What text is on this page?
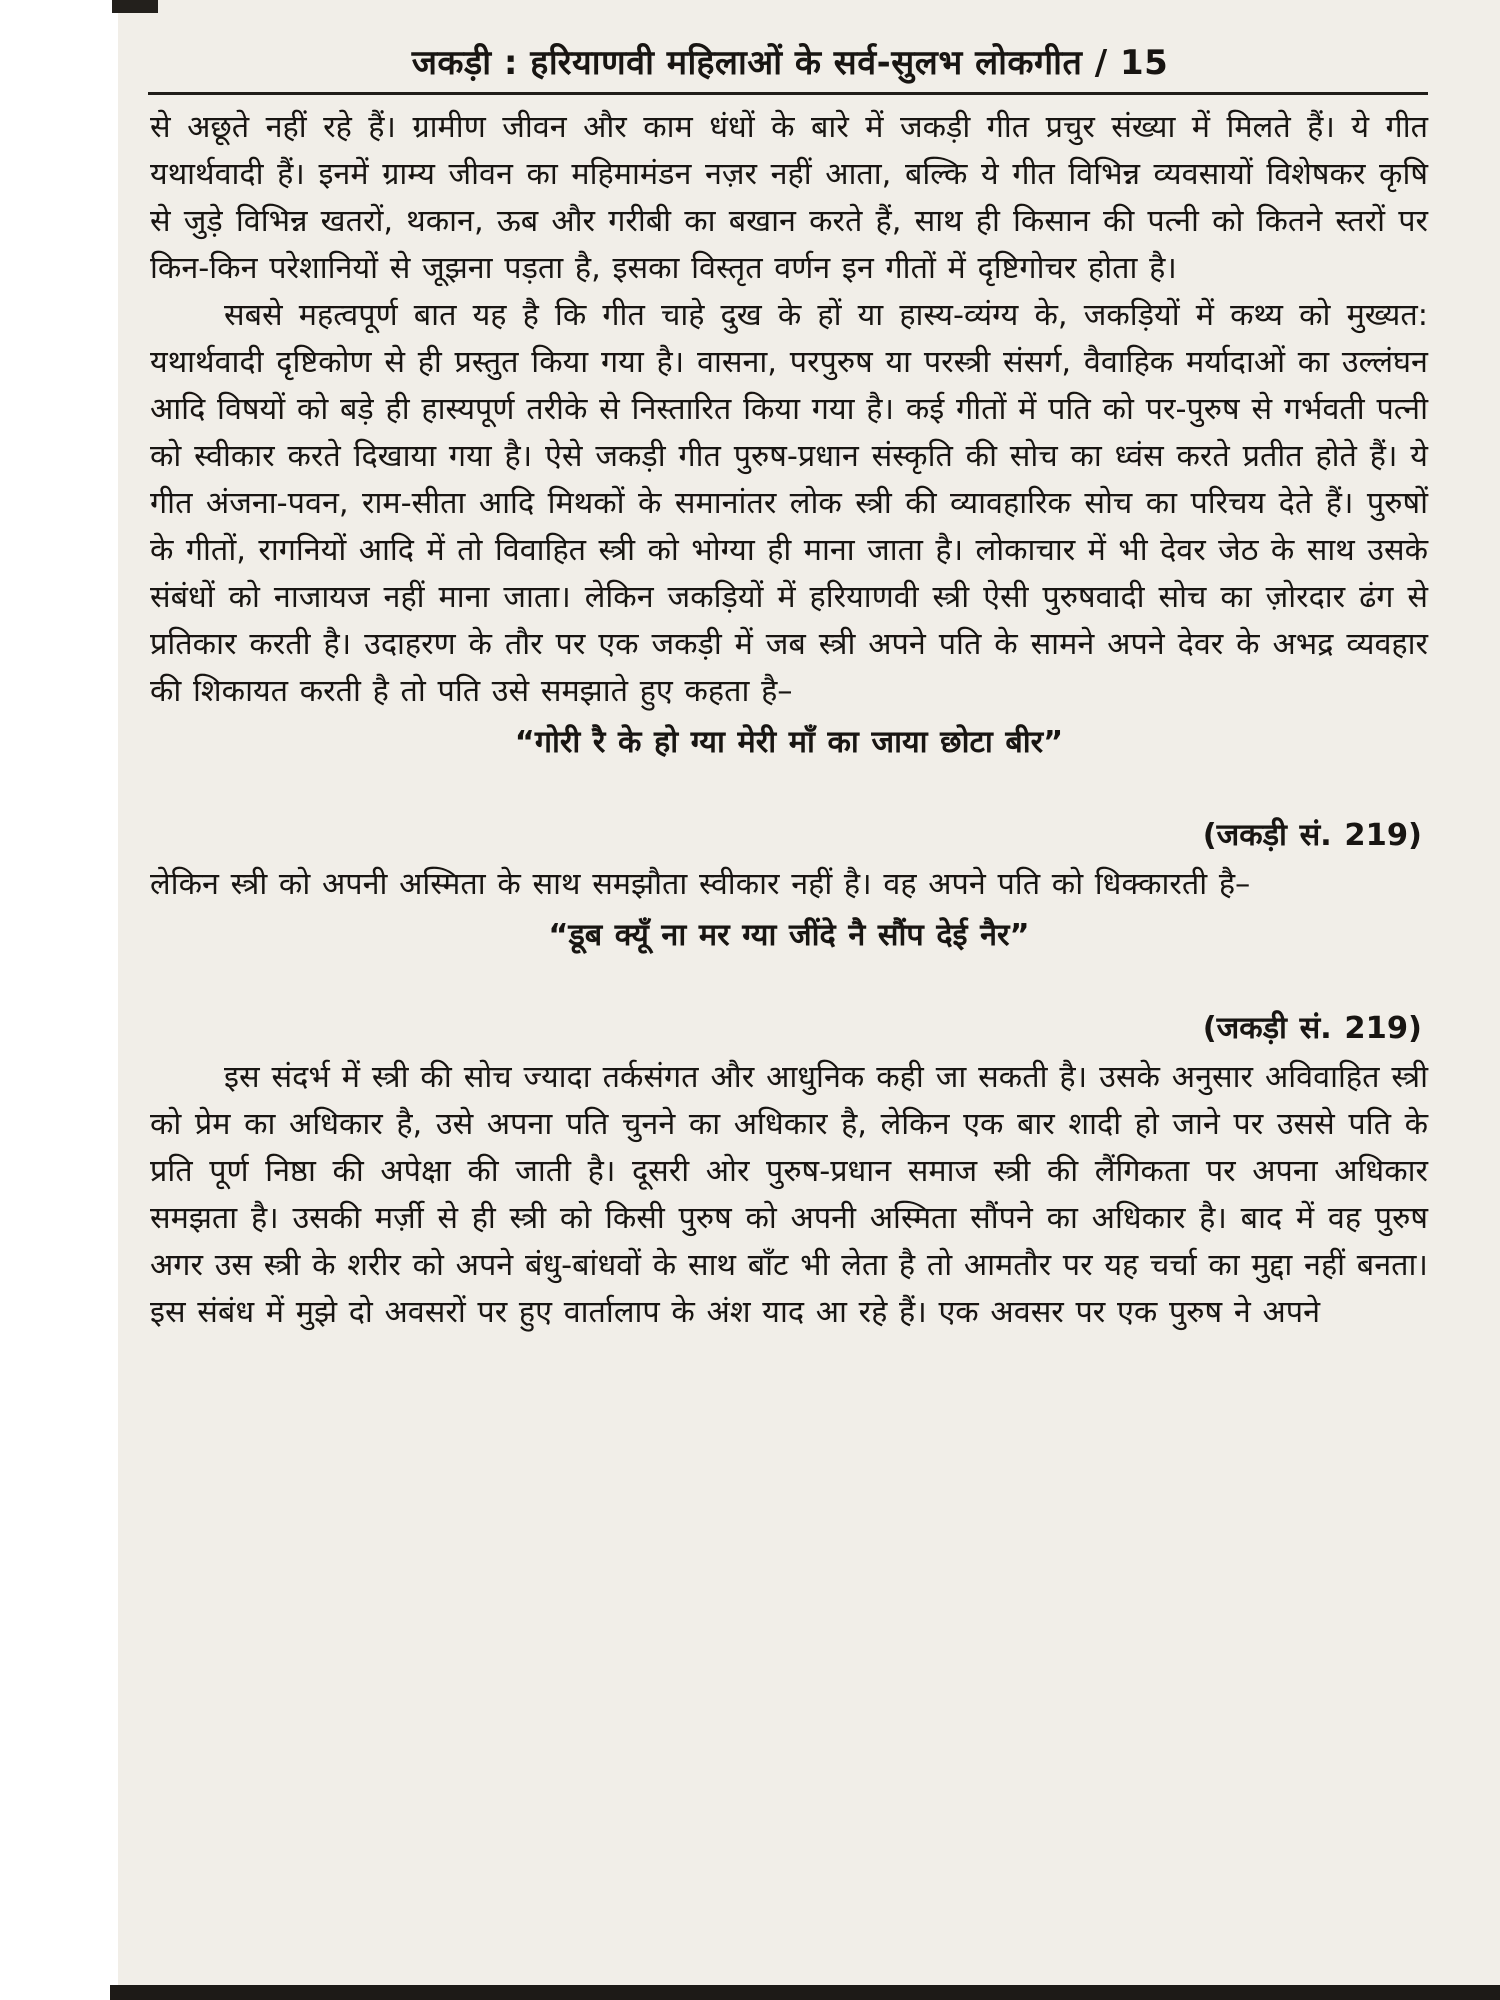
जकड़ी : हरियाणवी महिलाओं के सर्व-सुलभ लोकगीत / 15
से अछूते नहीं रहे हैं। ग्रामीण जीवन और काम धंधों के बारे में जकड़ी गीत प्रचुर संख्या में मिलते हैं। ये गीत यथार्थवादी हैं। इनमें ग्राम्य जीवन का महिमामंडन नज़र नहीं आता, बल्कि ये गीत विभिन्न व्यवसायों विशेषकर कृषि से जुड़े विभिन्न खतरों, थकान, ऊब और गरीबी का बखान करते हैं, साथ ही किसान की पत्नी को कितने स्तरों पर किन-किन परेशानियों से जूझना पड़ता है, इसका विस्तृत वर्णन इन गीतों में दृष्टिगोचर होता है।
सबसे महत्वपूर्ण बात यह है कि गीत चाहे दुख के हों या हास्य-व्यंग्य के, जकड़ियों में कथ्य को मुख्यत: यथार्थवादी दृष्टिकोण से ही प्रस्तुत किया गया है। वासना, परपुरुष या परस्त्री संसर्ग, वैवाहिक मर्यादाओं का उल्लंघन आदि विषयों को बड़े ही हास्यपूर्ण तरीके से निस्तारित किया गया है। कई गीतों में पति को पर-पुरुष से गर्भवती पत्नी को स्वीकार करते दिखाया गया है। ऐसे जकड़ी गीत पुरुष-प्रधान संस्कृति की सोच का ध्वंस करते प्रतीत होते हैं। ये गीत अंजना-पवन, राम-सीता आदि मिथकों के समानांतर लोक स्त्री की व्यावहारिक सोच का परिचय देते हैं। पुरुषों के गीतों, रागनियों आदि में तो विवाहित स्त्री को भोग्या ही माना जाता है। लोकाचार में भी देवर जेठ के साथ उसके संबंधों को नाजायज नहीं माना जाता। लेकिन जकड़ियों में हरियाणवी स्त्री ऐसी पुरुषवादी सोच का ज़ोरदार ढंग से प्रतिकार करती है। उदाहरण के तौर पर एक जकड़ी में जब स्त्री अपने पति के सामने अपने देवर के अभद्र व्यवहार की शिकायत करती है तो पति उसे समझाते हुए कहता है–
“गोरी रै के हो ग्या मेरी माँ का जाया छोटा बीर”
(जकड़ी सं. 219)
लेकिन स्त्री को अपनी अस्मिता के साथ समझौता स्वीकार नहीं है। वह अपने पति को धिक्कारती है–
“डूब क्यूँ ना मर ग्या जींदे नै सौंप देई नैर”
(जकड़ी सं. 219)
इस संदर्भ में स्त्री की सोच ज्यादा तर्कसंगत और आधुनिक कही जा सकती है। उसके अनुसार अविवाहित स्त्री को प्रेम का अधिकार है, उसे अपना पति चुनने का अधिकार है, लेकिन एक बार शादी हो जाने पर उससे पति के प्रति पूर्ण निष्ठा की अपेक्षा की जाती है। दूसरी ओर पुरुष-प्रधान समाज स्त्री की लैंगिकता पर अपना अधिकार समझता है। उसकी मर्ज़ी से ही स्त्री को किसी पुरुष को अपनी अस्मिता सौंपने का अधिकार है। बाद में वह पुरुष अगर उस स्त्री के शरीर को अपने बंधु-बांधवों के साथ बाँट भी लेता है तो आमतौर पर यह चर्चा का मुद्दा नहीं बनता। इस संबंध में मुझे दो अवसरों पर हुए वार्तालाप के अंश याद आ रहे हैं। एक अवसर पर एक पुरुष ने अपने
